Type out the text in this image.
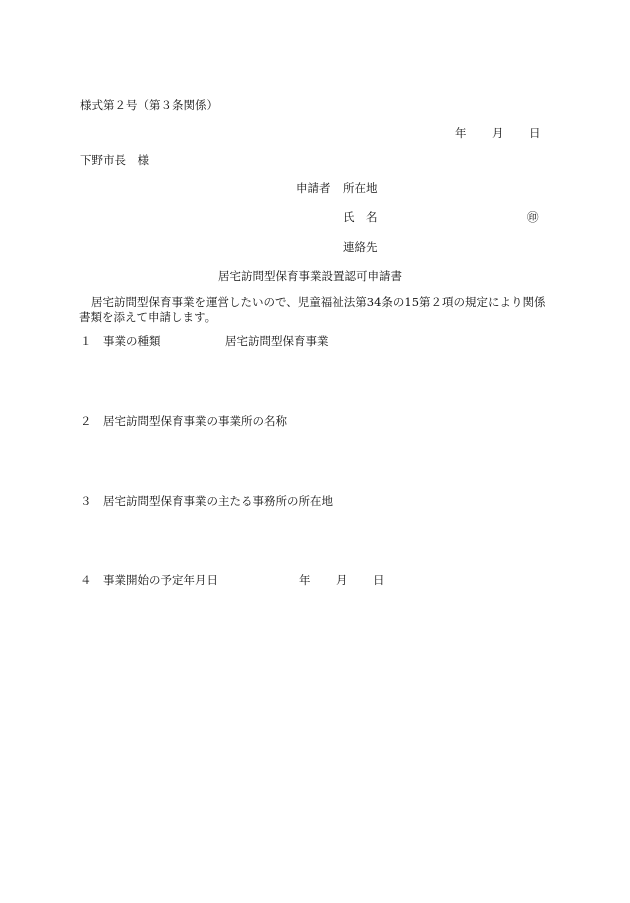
様式第２号（第３条関係）
年 月 日
下野市長　様
申請者 所在地
氏　名	㊞
連絡先
居宅訪問型保育事業設置認可申請書
居宅訪問型保育事業を運営したいので、児童福祉法第34条の15第２項の規定により関係書類を添えて申請します。
１ 事業の種類	居宅訪問型保育事業
２ 居宅訪問型保育事業の事業所の名称
３ 居宅訪問型保育事業の主たる事務所の所在地
４ 事業開始の予定年月日	年 月 日
